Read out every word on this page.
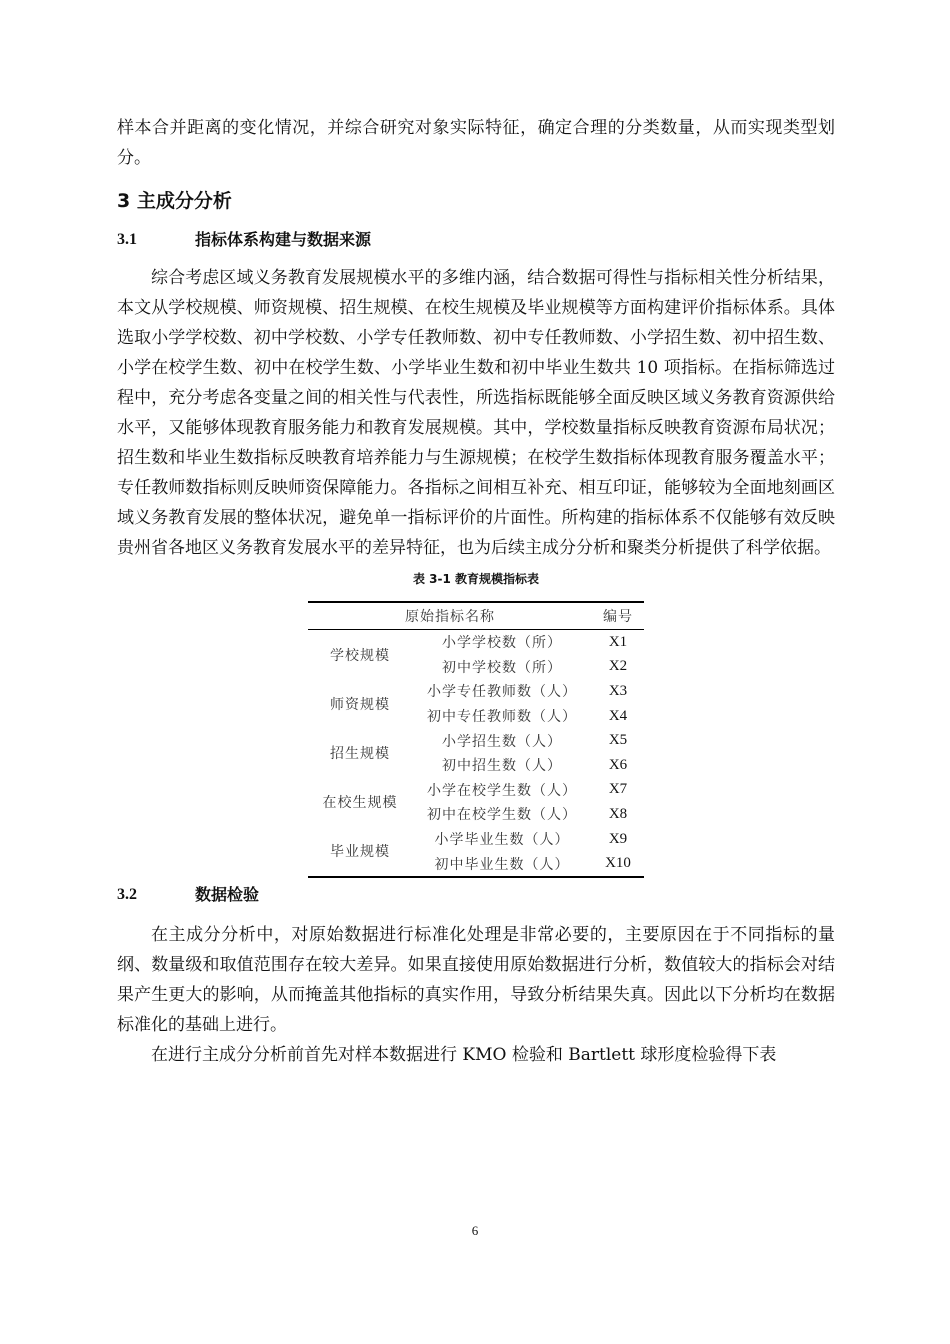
样本合并距离的变化情况，并综合研究对象实际特征，确定合理的分类数量，从而实现类型划分。

3 主成分分析
3.1	指标体系构建与数据来源

综合考虑区域义务教育发展规模水平的多维内涵，结合数据可得性与指标相关性分析结果，本文从学校规模、师资规模、招生规模、在校生规模及毕业规模等方面构建评价指标体系。具体选取小学学校数、初中学校数、小学专任教师数、初中专任教师数、小学招生数、初中招生数、小学在校学生数、初中在校学生数、小学毕业生数和初中毕业生数共 10 项指标。在指标筛选过程中，充分考虑各变量之间的相关性与代表性，所选指标既能够全面反映区域义务教育资源供给水平，又能够体现教育服务能力和教育发展规模。其中，学校数量指标反映教育资源布局状况；招生数和毕业生数指标反映教育培养能力与生源规模；在校学生数指标体现教育服务覆盖水平；专任教师数指标则反映师资保障能力。各指标之间相互补充、相互印证，能够较为全面地刻画区域义务教育发展的整体状况，避免单一指标评价的片面性。所构建的指标体系不仅能够有效反映贵州省各地区义务教育发展水平的差异特征，也为后续主成分分析和聚类分析提供了科学依据。

表 3-1 教育规模指标表

原始指标名称		编号
学校规模	小学学校数（所）	X1
	初中学校数（所）	X2
师资规模	小学专任教师数（人）	X3
	初中专任教师数（人）	X4
招生规模	小学招生数（人）	X5
	初中招生数（人）	X6
在校生规模	小学在校学生数（人）	X7
	初中在校学生数（人）	X8
毕业规模	小学毕业生数（人）	X9
	初中毕业生数（人）	X10
3.2	数据检验

在主成分分析中，对原始数据进行标准化处理是非常必要的，主要原因在于不同指标的量纲、数量级和取值范围存在较大差异。如果直接使用原始数据进行分析，数值较大的指标会对结果产生更大的影响，从而掩盖其他指标的真实作用，导致分析结果失真。因此以下分析均在数据标准化的基础上进行。

在进行主成分分析前首先对样本数据进行 KMO 检验和 Bartlett 球形度检验得下表

6
